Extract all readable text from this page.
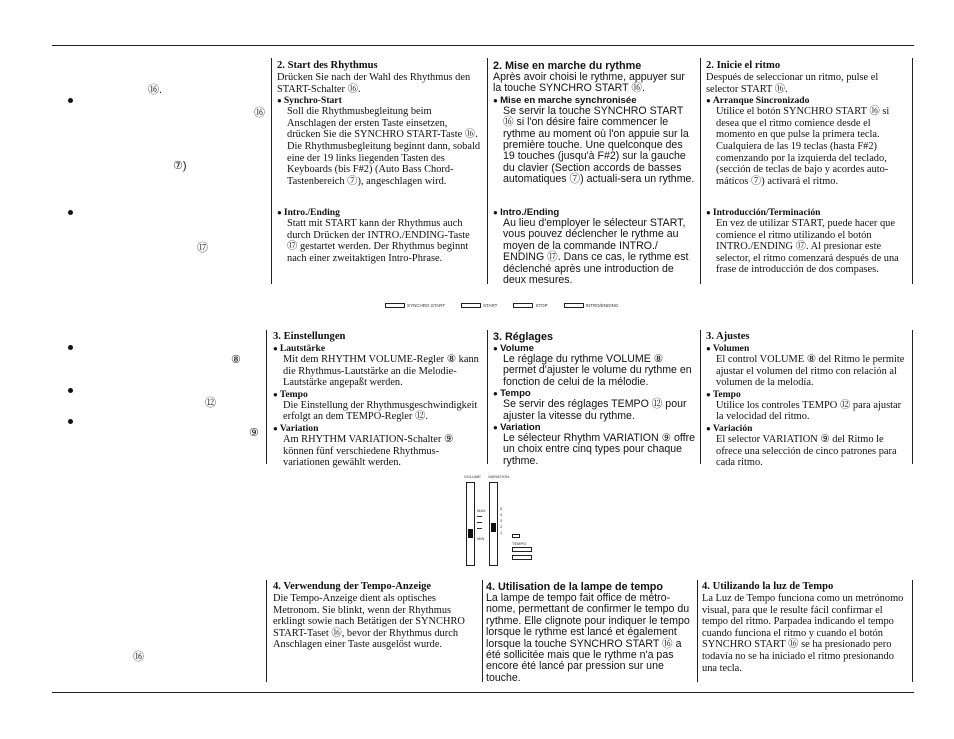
⑯.
⑯
⑦)
⑰
⑧
⑫
⑨
⑯
2. Start des Rhythmus
Drücken Sie nach der Wahl des Rhythmus den START-Schalter ⑯.
● Synchro-Start
Soll die Rhythmusbegleitung beim Anschlagen der ersten Taste einsetzen, drücken Sie die SYNCHRO START-Taste ⑯. Die Rhythmusbegleitung beginnt dann, sobald eine der 19 links liegenden Tasten des Keyboards (bis F#2) (Auto Bass Chord-Tastenbereich ⑦), angeschlagen wird.
● Intro./Ending
Statt mit START kann der Rhythmus auch durch Drücken der INTRO./ENDING-Taste ⑰ gestartet werden. Der Rhythmus beginnt nach einer zweitaktigen Intro-Phrase.
3. Einstellungen
● Lautstärke
Mit dem RHYTHM VOLUME-Regler ⑧ kann die Rhythmus-Lautstärke an die Melodie-Lautstärke angepaßt werden.
● Tempo
Die Einstellung der Rhythmusgeschwindigkeit erfolgt an dem TEMPO-Regler ⑫.
● Variation
Am RHYTHM VARIATION-Schalter ⑨ können fünf verschiedene Rhythmus-variationen gewählt werden.
4. Verwendung der Tempo-Anzeige
Die Tempo-Anzeige dient als optisches Metronom. Sie blinkt, wenn der Rhythmus erklingt sowie nach Betätigen der SYNCHRO START-Taset ⑯, bevor der Rhythmus durch Anschlagen einer Taste ausgelöst wurde.
2. Mise en marche du rythme
Après avoir choisi le rythme, appuyer sur la touche SYNCHRO START ⑯.
● Mise en marche synchronisée
Se servir la touche SYNCHRO START ⑯ si l'on désire faire commencer le rythme au moment où l'on appuie sur la première touche. Une quelconque des 19 touches (jusqu'à F#2) sur la gauche du clavier (Section accords de basses automatiques ⑦) actuali-sera un rythme.
● Intro./Ending
Au lieu d'employer le sélecteur START, vous pouvez déclencher le rythme au moyen de la commande INTRO./ ENDING ⑰. Dans ce cas, le rythme est déclenché après une introduction de deux mesures.
3. Réglages
● Volume
Le réglage du rythme VOLUME ⑧ permet d'ajuster le volume du rythme en fonction de celui de la mélodie.
● Tempo
Se servir des réglages TEMPO ⑫ pour ajuster la vitesse du rythme.
● Variation
Le sélecteur Rhythm VARIATION ⑨ offre un choix entre cinq types pour chaque rythme.
4. Utilisation de la lampe de tempo
La lampe de tempo fait office de métro-nome, permettant de confirmer le tempo du rythme. Elle clignote pour indiquer le tempo lorsque le rythme est lancé et également lorsque la touche SYNCHRO START ⑯ a été sollicitée mais que le rythme n'a pas encore été lancé par pression sur une touche.
2. Inicie el ritmo
Después de seleccionar un ritmo, pulse el selector START ⑯.
● Arranque Sincronizado
Utilice el botón SYNCHRO START ⑯ si desea que el ritmo comience desde el momento en que pulse la primera tecla. Cualquiera de las 19 teclas (hasta F#2) comenzando por la izquierda del teclado, (sección de teclas de bajo y acordes auto-máticos ⑦) activará el ritmo.
● Introducción/Terminación
En vez de utilizar START, puede hacer que comience el ritmo utilizando el botón INTRO./ENDING ⑰. Al presionar este selector, el ritmo comenzará después de una frase de introducción de dos compases.
3. Ajustes
● Volumen
El control VOLUME ⑧ del Ritmo le permite ajustar el volumen del ritmo con relación al volumen de la melodía.
● Tempo
Utilice los controles TEMPO ⑫ para ajustar la velocidad del ritmo.
● Variación
El selector VARIATION ⑨ del Ritmo le ofrece una selección de cinco patrones para cada ritmo.
4. Utilizando la luz de Tempo
La Luz de Tempo funciona como un metrónomo visual, para que le resulte fácil confirmar el tempo del ritmo. Parpadea indicando el tempo cuando funciona el ritmo y cuando el botón SYNCHRO START ⑯ se ha presionado pero todavía no se ha iniciado el ritmo presionando una tecla.
SYNCHRO START	START	STOP	INTRO/ENDING
VOLUME VARIATION
MAX
MIN
5
4
3
2
1
TEMPO
